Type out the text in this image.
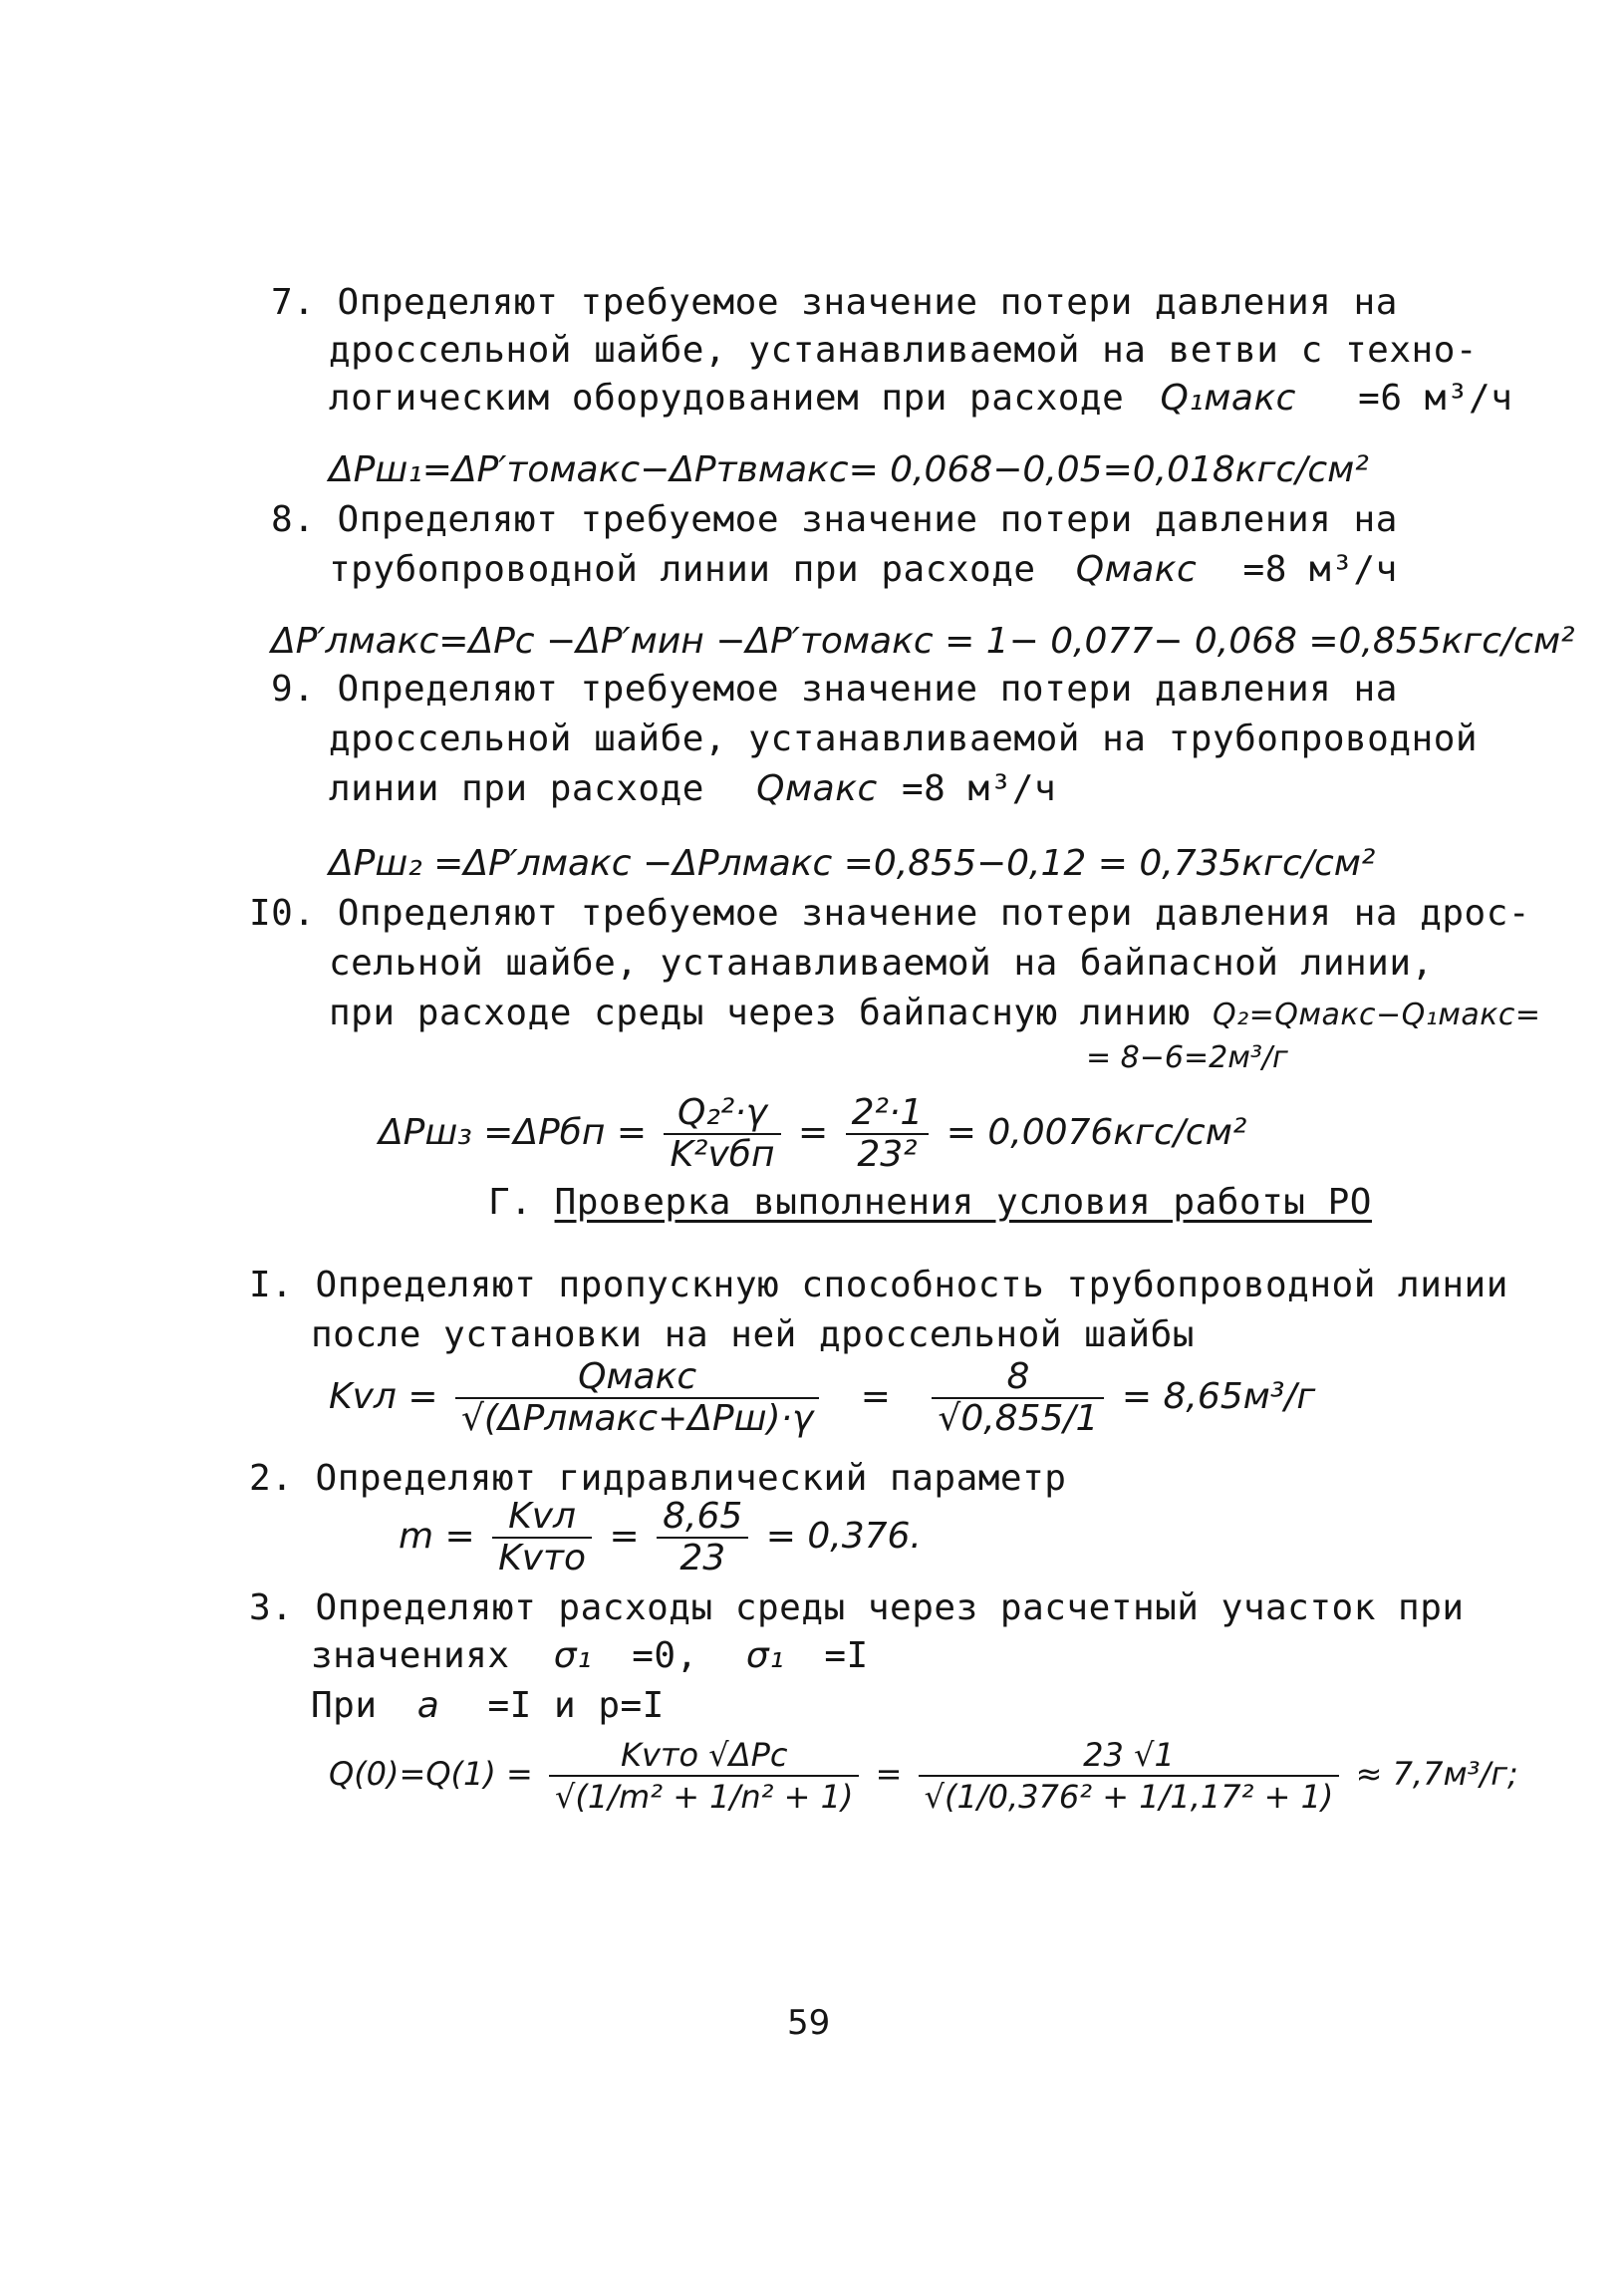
7. Определяют требуемое значение потери давления на
дроссельной шайбе, устанавливаемой на ветви с техно-
логическим оборудованием при расходе Q₁макс =6 м³/ч
ΔPш₁=ΔP′томакс−ΔPтвмакс= 0,068−0,05=0,018кгс/см²
8. Определяют требуемое значение потери давления на
трубопроводной линии при расходе Qмакс =8 м³/ч
ΔP′лмакс=ΔPс −ΔP′мин −ΔP′томакс = 1− 0,077− 0,068 =0,855кгс/см²
9. Определяют требуемое значение потери давления на
дроссельной шайбе, устанавливаемой на трубопроводной
линии при расходе Qмакс =8 м³/ч
ΔPш₂ =ΔP′лмакс −ΔPлмакс =0,855−0,12 = 0,735кгс/см²
I0. Определяют требуемое значение потери давления на дрос-
сельной шайбе, устанавливаемой на байпасной линии,
при расходе среды через байпасную линию Q₂=Qмакс−Q₁макс=
= 8−6=2м³/г
$\Delta Pш_3 =\Delta Pбп = \frac{\text{Q₂²·γ}}{\text{K²vбп}} = \frac{\text{2²·1}}{\text{23²}} = 0,0076кгс/см^2$
Г. Проверка выполнения условия работы РО
I. Определяют пропускную способность трубопроводной линии
после установки на ней дроссельной шайбы
Kvл = $\frac{\text{Qмакс}}{\text{√(ΔPлмакс+ΔPш)·γ}} = \frac{8}{√0,855/1} = 8,65м^3/г$
2. Определяют гидравлический параметр
$m = \frac{\text{Kvл}}{\text{Kvто}} = \frac{8,65}{23} = 0,376$.
3. Определяют расходы среды через расчетный участок при
значениях σ₁ =0, σ₁ =I
При a =I и p=I
$Q(0)=Q(1) = \frac{\text{Kvто √ΔPс}}{\text{√(1/m² + 1/n² + 1)}} = \frac{23 √1}{\text{√(1/0,376² + 1/1,17² + 1)}} \approx 7,7м^3/г$;
59
